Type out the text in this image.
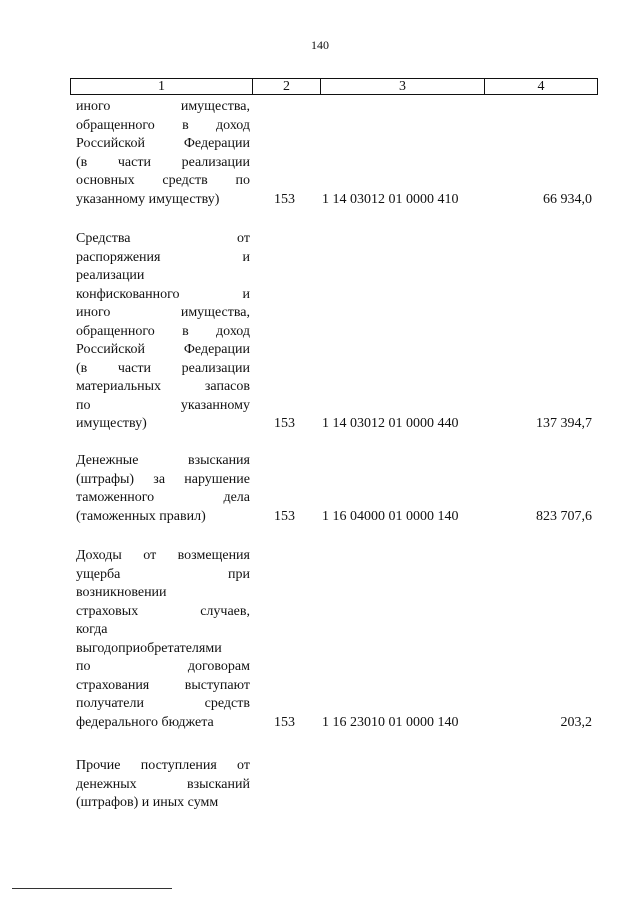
140
1	2	3	4
иного имущества,
обращенного в доход
Российской Федерации
(в части реализации
основных средств по
указанному имуществу)	153	1 14 03012 01 0000 410	66 934,0
Средства от
распоряжения и
реализации
конфискованного и
иного имущества,
обращенного в доход
Российской Федерации
(в части реализации
материальных запасов
по указанному
имуществу)	153	1 14 03012 01 0000 440	137 394,7
Денежные взыскания
(штрафы) за нарушение
таможенного дела
(таможенных правил)	153	1 16 04000 01 0000 140	823 707,6
Доходы от возмещения
ущерба при
возникновении
страховых случаев,
когда
выгодоприобретателями
по договорам
страхования выступают
получатели средств
федерального бюджета	153	1 16 23010 01 0000 140	203,2
Прочие поступления от
денежных взысканий
(штрафов) и иных сумм
